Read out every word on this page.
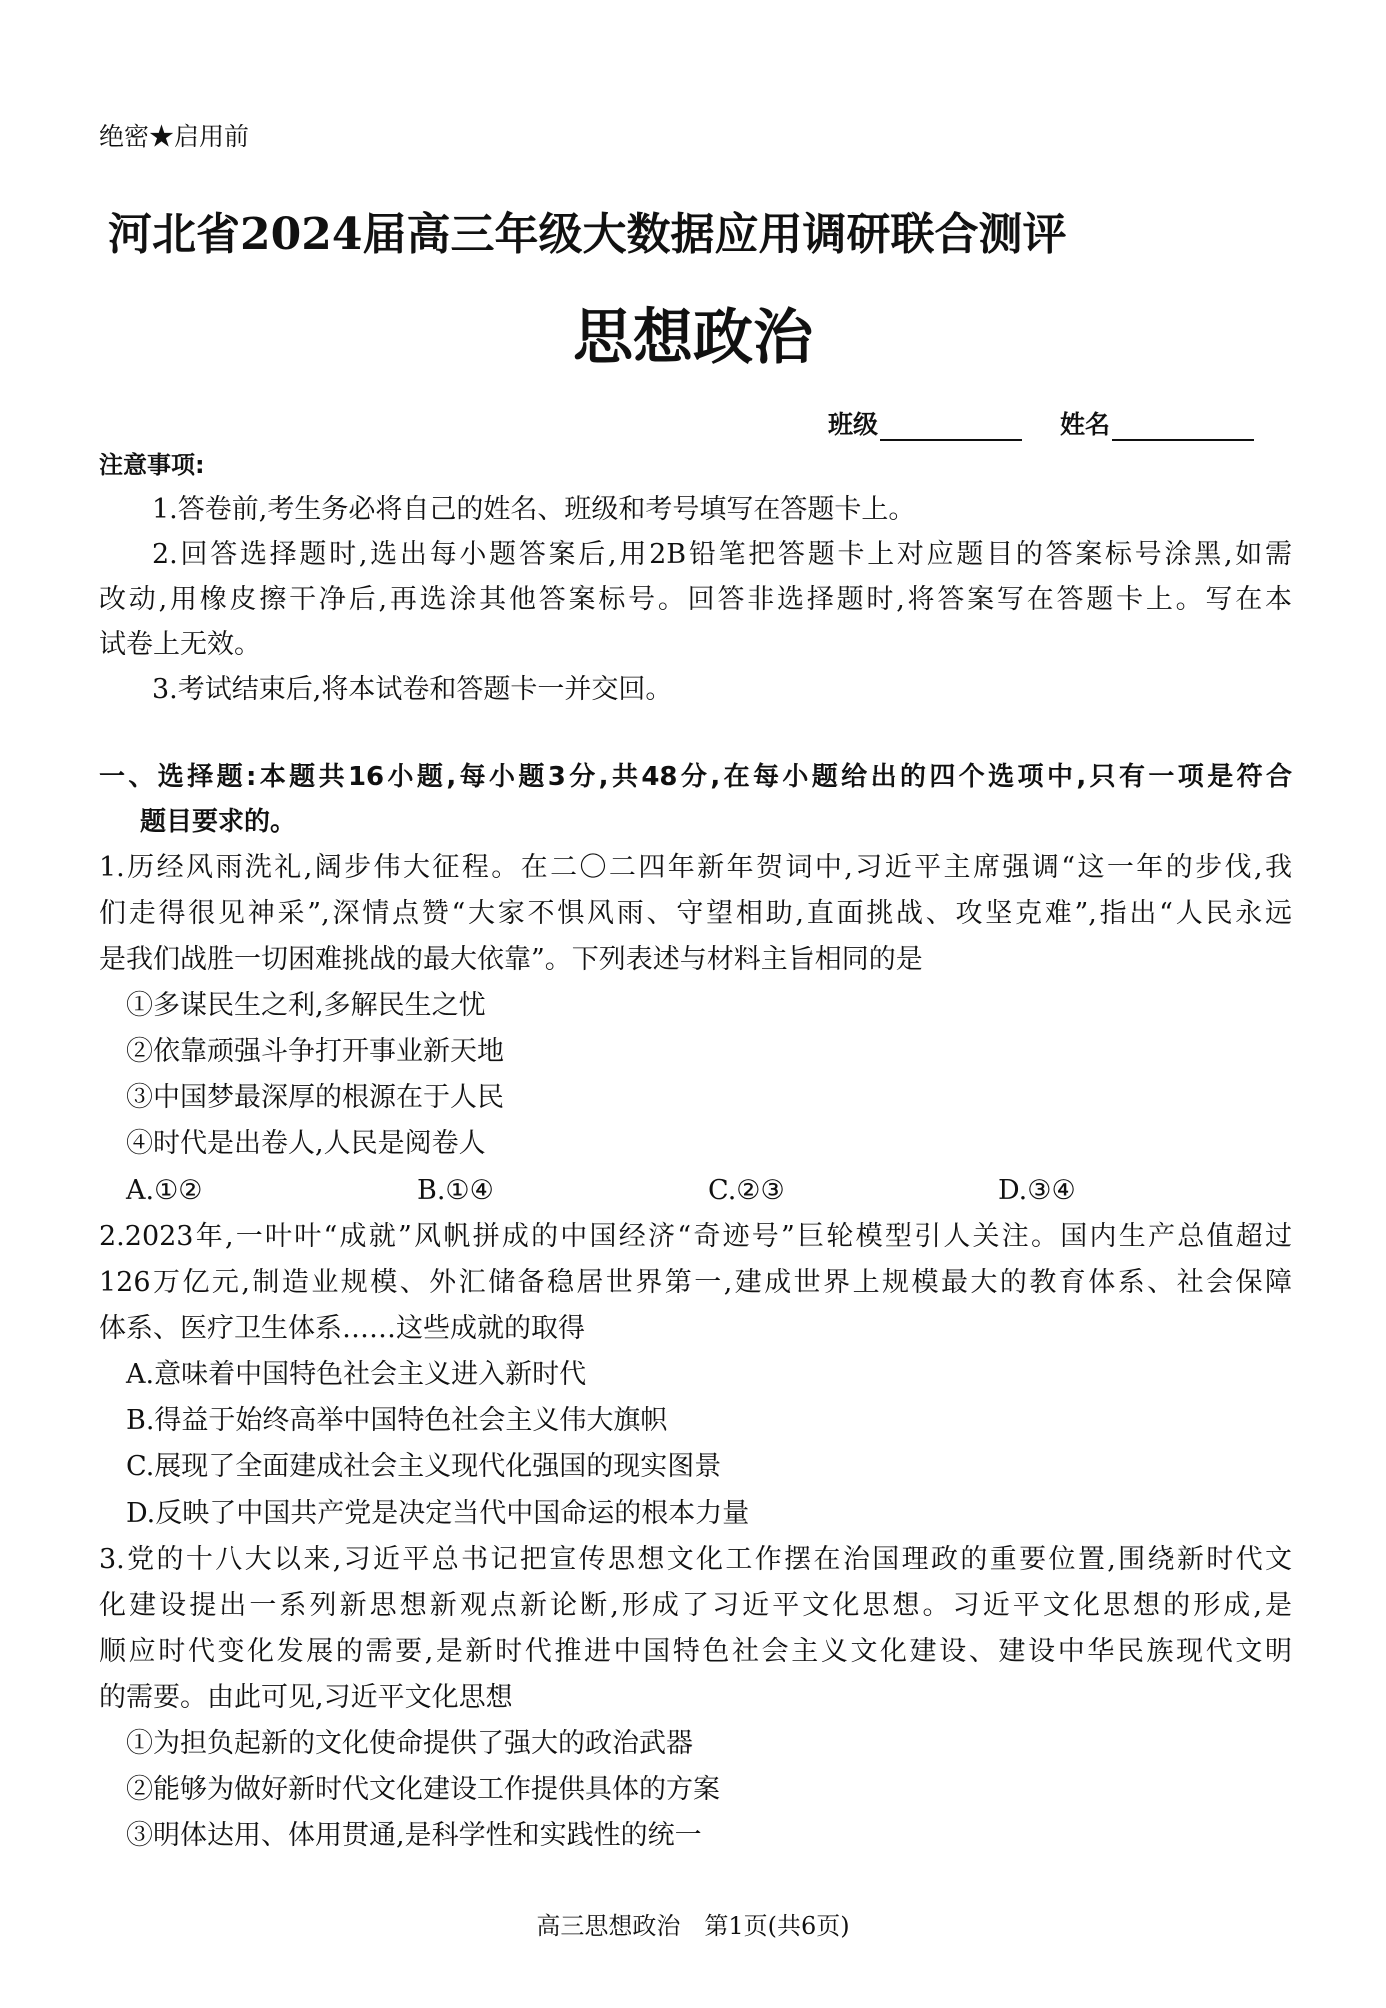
绝密★启用前
河北省2024届高三年级大数据应用调研联合测评
思想政治
班级	姓名
注意事项:
1.答卷前,考生务必将自己的姓名、班级和考号填写在答题卡上。
2.回答选择题时,选出每小题答案后,用2B铅笔把答题卡上对应题目的答案标号涂黑,如需
改动,用橡皮擦干净后,再选涂其他答案标号。回答非选择题时,将答案写在答题卡上。写在本
试卷上无效。
3.考试结束后,将本试卷和答题卡一并交回。
一、选择题:本题共16小题,每小题3分,共48分,在每小题给出的四个选项中,只有一项是符合
题目要求的。
1.历经风雨洗礼,阔步伟大征程。在二〇二四年新年贺词中,习近平主席强调“这一年的步伐,我
们走得很见神采”,深情点赞“大家不惧风雨、守望相助,直面挑战、攻坚克难”,指出“人民永远
是我们战胜一切困难挑战的最大依靠”。下列表述与材料主旨相同的是
①多谋民生之利,多解民生之忧
②依靠顽强斗争打开事业新天地
③中国梦最深厚的根源在于人民
④时代是出卷人,人民是阅卷人
A.①②	B.①④	C.②③	D.③④
2.2023年,一叶叶“成就”风帆拼成的中国经济“奇迹号”巨轮模型引人关注。国内生产总值超过
126万亿元,制造业规模、外汇储备稳居世界第一,建成世界上规模最大的教育体系、社会保障
体系、医疗卫生体系……这些成就的取得
A.意味着中国特色社会主义进入新时代
B.得益于始终高举中国特色社会主义伟大旗帜
C.展现了全面建成社会主义现代化强国的现实图景
D.反映了中国共产党是决定当代中国命运的根本力量
3.党的十八大以来,习近平总书记把宣传思想文化工作摆在治国理政的重要位置,围绕新时代文
化建设提出一系列新思想新观点新论断,形成了习近平文化思想。习近平文化思想的形成,是
顺应时代变化发展的需要,是新时代推进中国特色社会主义文化建设、建设中华民族现代文明
的需要。由此可见,习近平文化思想
①为担负起新的文化使命提供了强大的政治武器
②能够为做好新时代文化建设工作提供具体的方案
③明体达用、体用贯通,是科学性和实践性的统一
高三思想政治　第1页(共6页)
